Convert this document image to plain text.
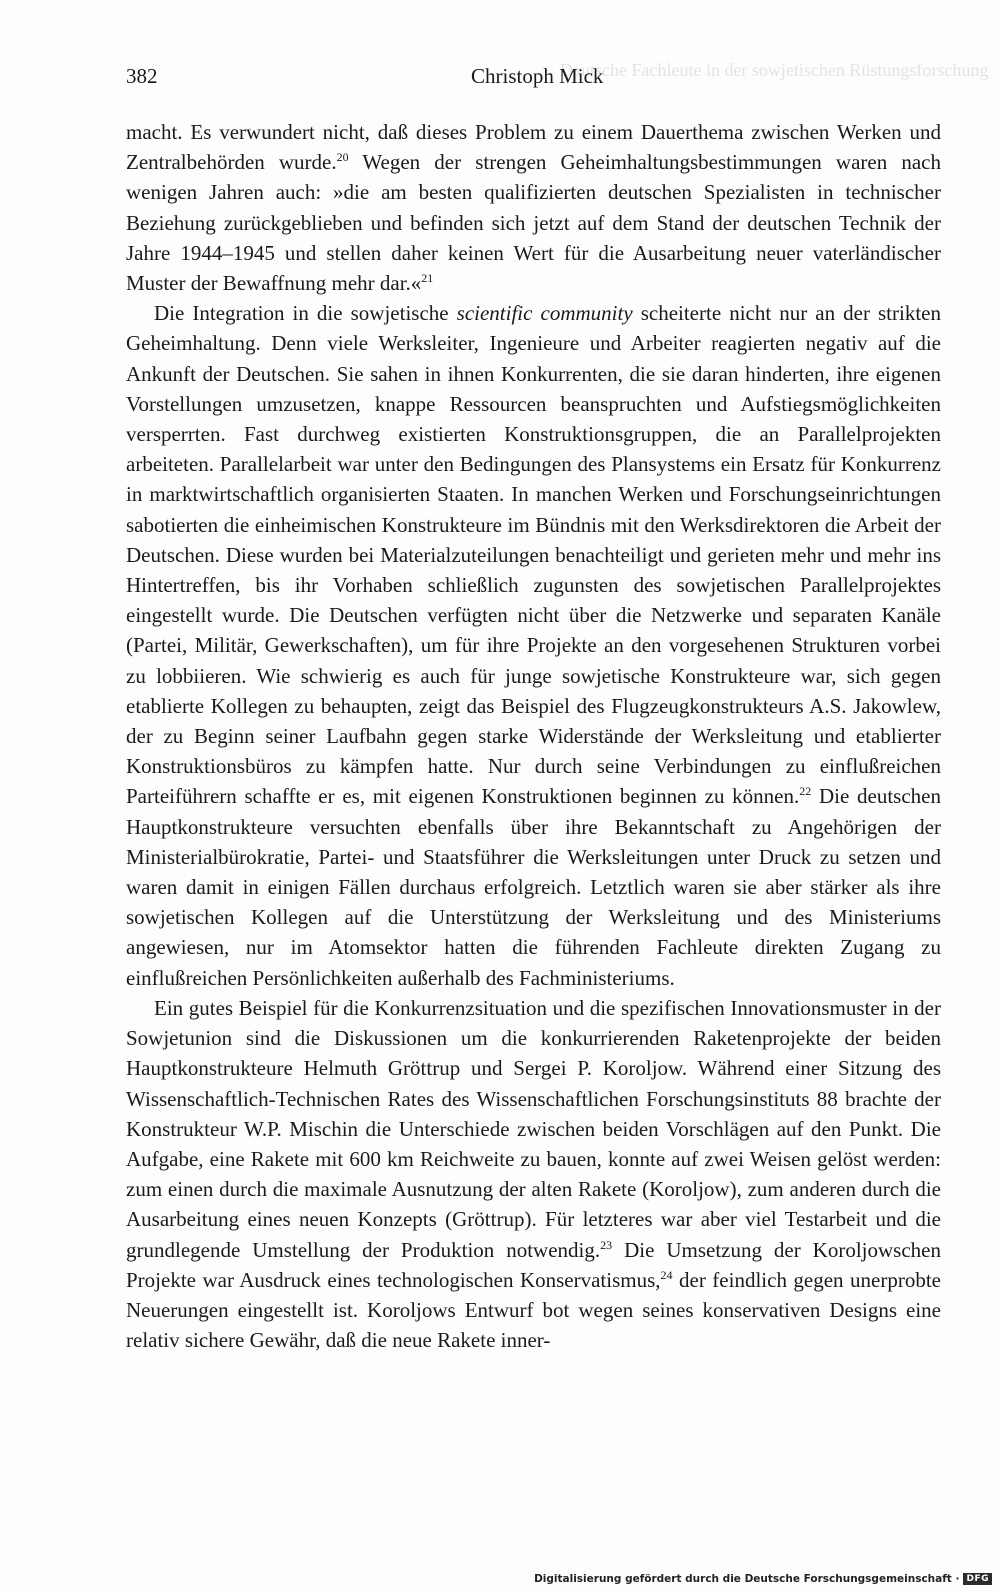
Deutsche Fachleute in der sowjetischen Rüstungsforschung
382	Christoph Mick

macht. Es verwundert nicht, daß dieses Problem zu einem Dauerthema zwischen Werken und Zentralbehörden wurde.$^{20}$ Wegen der strengen Geheimhaltungsbestimmungen waren nach wenigen Jahren auch: »die am besten qualifizierten deutschen Spezialisten in technischer Beziehung zurückgeblieben und befinden sich jetzt auf dem Stand der deutschen Technik der Jahre 1944–1945 und stellen daher keinen Wert für die Ausarbeitung neuer vaterländischer Muster der Bewaffnung mehr dar.«$^{21}$

Die Integration in die sowjetische scientific community scheiterte nicht nur an der strikten Geheimhaltung. Denn viele Werksleiter, Ingenieure und Arbeiter reagierten negativ auf die Ankunft der Deutschen. Sie sahen in ihnen Konkurrenten, die sie daran hinderten, ihre eigenen Vorstellungen umzusetzen, knappe Ressourcen beanspruchten und Aufstiegsmöglichkeiten versperrten. Fast durchweg existierten Konstruktionsgruppen, die an Parallelprojekten arbeiteten. Parallelarbeit war unter den Bedingungen des Plansystems ein Ersatz für Konkurrenz in marktwirtschaftlich organisierten Staaten. In manchen Werken und Forschungseinrichtungen sabotierten die einheimischen Konstrukteure im Bündnis mit den Werksdirektoren die Arbeit der Deutschen. Diese wurden bei Materialzuteilungen benachteiligt und gerieten mehr und mehr ins Hintertreffen, bis ihr Vorhaben schließlich zugunsten des sowjetischen Parallelprojektes eingestellt wurde. Die Deutschen verfügten nicht über die Netzwerke und separaten Kanäle (Partei, Militär, Gewerkschaften), um für ihre Projekte an den vorgesehenen Strukturen vorbei zu lobbiieren. Wie schwierig es auch für junge sowjetische Konstrukteure war, sich gegen etablierte Kollegen zu behaupten, zeigt das Beispiel des Flugzeugkonstrukteurs A.S. Jakowlew, der zu Beginn seiner Laufbahn gegen starke Widerstände der Werksleitung und etablierter Konstruktionsbüros zu kämpfen hatte. Nur durch seine Verbindungen zu einflußreichen Parteiführern schaffte er es, mit eigenen Konstruktionen beginnen zu können.$^{22}$ Die deutschen Hauptkonstrukteure versuchten ebenfalls über ihre Bekanntschaft zu Angehörigen der Ministerialbürokratie, Partei- und Staatsführer die Werksleitungen unter Druck zu setzen und waren damit in einigen Fällen durchaus erfolgreich. Letztlich waren sie aber stärker als ihre sowjetischen Kollegen auf die Unterstützung der Werksleitung und des Ministeriums angewiesen, nur im Atomsektor hatten die führenden Fachleute direkten Zugang zu einflußreichen Persönlichkeiten außerhalb des Fachministeriums.

Ein gutes Beispiel für die Konkurrenzsituation und die spezifischen Innovationsmuster in der Sowjetunion sind die Diskussionen um die konkurrierenden Raketenprojekte der beiden Hauptkonstrukteure Helmuth Gröttrup und Sergei P. Koroljow. Während einer Sitzung des Wissenschaftlich-Technischen Rates des Wissenschaftlichen Forschungsinstituts 88 brachte der Konstrukteur W.P. Mischin die Unterschiede zwischen beiden Vorschlägen auf den Punkt. Die Aufgabe, eine Rakete mit 600 km Reichweite zu bauen, konnte auf zwei Weisen gelöst werden: zum einen durch die maximale Ausnutzung der alten Rakete (Koroljow), zum anderen durch die Ausarbeitung eines neuen Konzepts (Gröttrup). Für letzteres war aber viel Testarbeit und die grundlegende Umstellung der Produktion notwendig.$^{23}$ Die Umsetzung der Koroljowschen Projekte war Ausdruck eines technologischen Konservatismus,$^{24}$ der feindlich gegen unerprobte Neuerungen eingestellt ist. Koroljows Entwurf bot wegen seines konservativen Designs eine relativ sichere Gewähr, daß die neue Rakete inner-

Digitalisierung gefördert durch die Deutsche Forschungsgemeinschaft · DFG
